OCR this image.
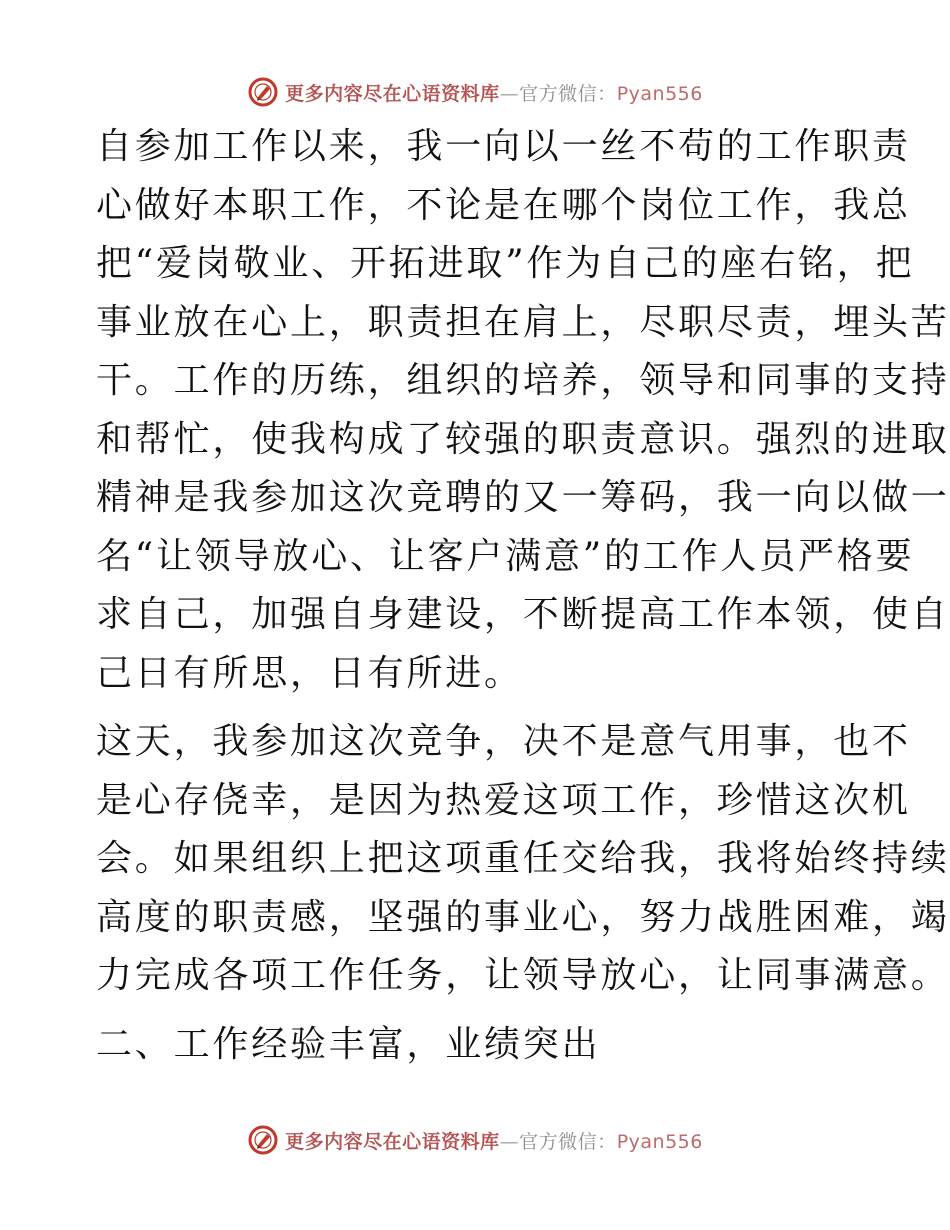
更多内容尽在心语资料库—官方微信：Pyan556

自参加工作以来，我一向以一丝不苟的工作职责
心做好本职工作，不论是在哪个岗位工作，我总
把“爱岗敬业、开拓进取”作为自己的座右铭，把
事业放在心上，职责担在肩上，尽职尽责，埋头苦
干。工作的历练，组织的培养，领导和同事的支持
和帮忙，使我构成了较强的职责意识。强烈的进取
精神是我参加这次竞聘的又一筹码，我一向以做一
名“让领导放心、让客户满意”的工作人员严格要
求自己，加强自身建设，不断提高工作本领，使自
己日有所思，日有所进。

这天，我参加这次竞争，决不是意气用事，也不
是心存侥幸，是因为热爱这项工作，珍惜这次机
会。如果组织上把这项重任交给我，我将始终持续
高度的职责感，坚强的事业心，努力战胜困难，竭
力完成各项工作任务，让领导放心，让同事满意。

二、工作经验丰富，业绩突出

更多内容尽在心语资料库—官方微信：Pyan556
